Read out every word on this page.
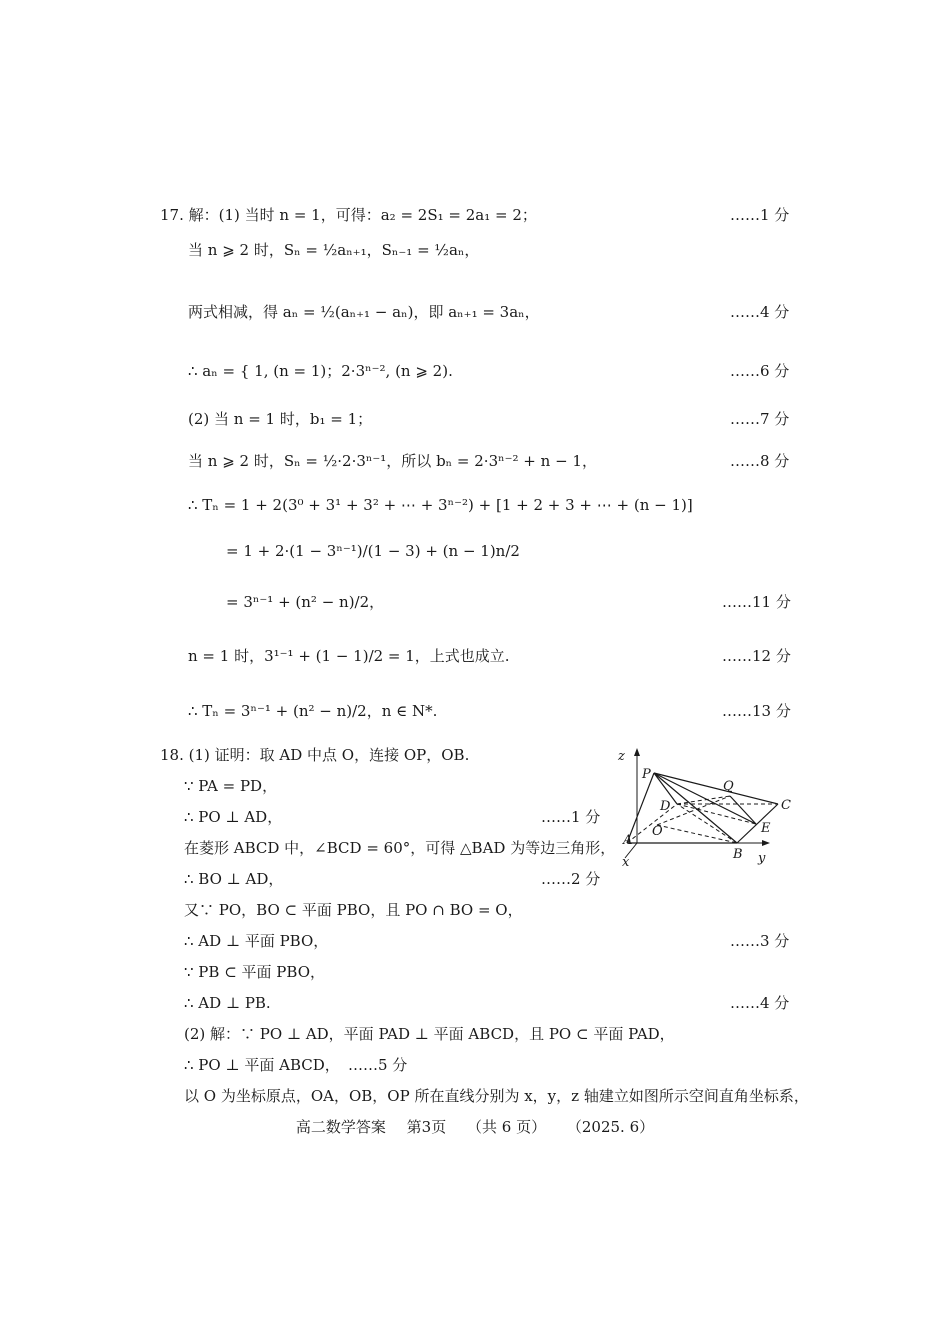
17. 解：(1) 当时 n = 1，可得：a₂ = 2S₁ = 2a₁ = 2；	……1 分
当 n ⩾ 2 时，Sₙ = ½aₙ₊₁，Sₙ₋₁ = ½aₙ，
两式相减，得 aₙ = ½(aₙ₊₁ − aₙ)，即 aₙ₊₁ = 3aₙ，	……4 分
∴ aₙ = { 1, (n = 1)；2·3ⁿ⁻², (n ⩾ 2).	……6 分
(2) 当 n = 1 时，b₁ = 1；	……7 分
当 n ⩾ 2 时，Sₙ = ½·2·3ⁿ⁻¹，所以 bₙ = 2·3ⁿ⁻² + n − 1，	……8 分
∴ Tₙ = 1 + 2(3⁰ + 3¹ + 3² + ⋯ + 3ⁿ⁻²) + [1 + 2 + 3 + ⋯ + (n − 1)]
= 1 + 2·(1 − 3ⁿ⁻¹)/(1 − 3) + (n − 1)n/2
= 3ⁿ⁻¹ + (n² − n)/2，	……11 分
n = 1 时，3¹⁻¹ + (1 − 1)/2 = 1，上式也成立.	……12 分
∴ Tₙ = 3ⁿ⁻¹ + (n² − n)/2，n ∈ N*.	……13 分
18. (1) 证明：取 AD 中点 O，连接 OP，OB.
∵ PA = PD，
∴ PO ⊥ AD，	……1 分
在菱形 ABCD 中，∠BCD = 60°，可得 △BAD 为等边三角形，
∴ BO ⊥ AD，	……2 分
又∵ PO，BO ⊂ 平面 PBO，且 PO ∩ BO = O，
∴ AD ⊥ 平面 PBO，	……3 分
∵ PB ⊂ 平面 PBO，
∴ AD ⊥ PB.	……4 分
(2) 解：∵ PO ⊥ AD，平面 PAD ⊥ 平面 ABCD，且 PO ⊂ 平面 PAD，
∴ PO ⊥ 平面 ABCD， ……5 分
以 O 为坐标原点，OA，OB，OP 所在直线分别为 x，y，z 轴建立如图所示空间直角坐标系，
z
P
Q
D	C
E
O
A
B
x	y
高二数学答案 第3页 （共 6 页） （2025. 6）
